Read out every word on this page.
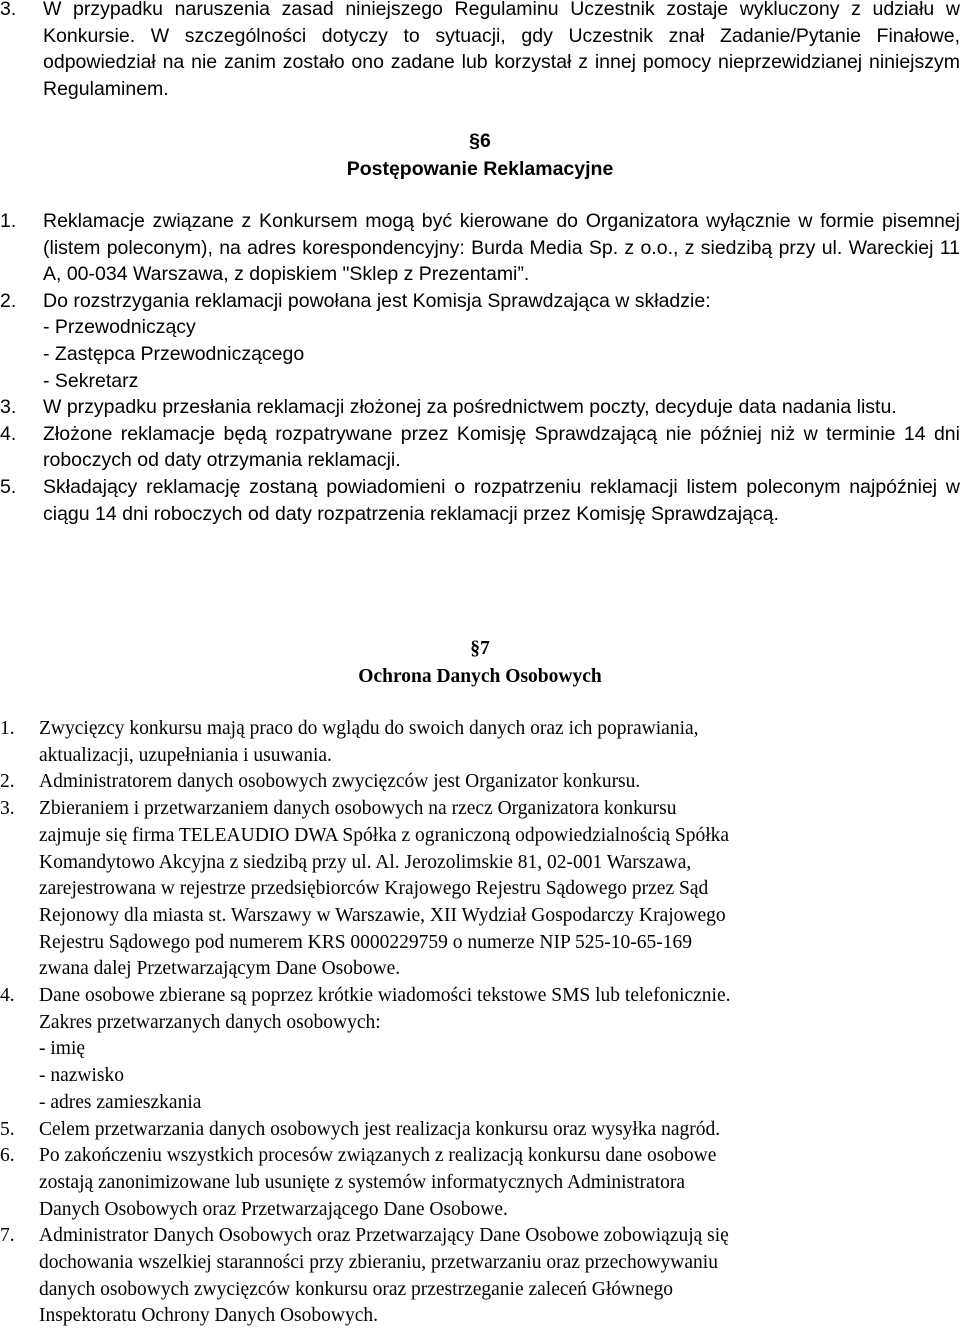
3. W przypadku naruszenia zasad niniejszego Regulaminu Uczestnik zostaje wykluczony z udziału w Konkursie. W szczególności dotyczy to sytuacji, gdy Uczestnik znał Zadanie/Pytanie Finałowe, odpowiedział na nie zanim zostało ono zadane lub korzystał z innej pomocy nieprzewidzianej niniejszym Regulaminem.
§6
Postępowanie Reklamacyjne
1. Reklamacje związane z Konkursem mogą być kierowane do Organizatora wyłącznie w formie pisemnej (listem poleconym), na adres korespondencyjny: Burda Media Sp. z o.o., z siedzibą przy ul. Wareckiej 11 A, 00-034 Warszawa, z dopiskiem "Sklep z Prezentami”.
2. Do rozstrzygania reklamacji powołana jest Komisja Sprawdzająca w składzie:
- Przewodniczący
- Zastępca Przewodniczącego
- Sekretarz
3. W przypadku przesłania reklamacji złożonej za pośrednictwem poczty, decyduje data nadania listu.
4. Złożone reklamacje będą rozpatrywane przez Komisję Sprawdzającą nie później niż w terminie 14 dni roboczych od daty otrzymania reklamacji.
5. Składający reklamację zostaną powiadomieni o rozpatrzeniu reklamacji listem poleconym najpóźniej w ciągu 14 dni roboczych od daty rozpatrzenia reklamacji przez Komisję Sprawdzającą.
§7
Ochrona Danych Osobowych
1. Zwycięzcy konkursu mają praco do wglądu do swoich danych oraz ich poprawiania,
aktualizacji, uzupełniania i usuwania.
2. Administratorem danych osobowych zwycięzców jest Organizator konkursu.
3. Zbieraniem i przetwarzaniem danych osobowych na rzecz Organizatora konkursu
zajmuje się firma TELEAUDIO DWA Spółka z ograniczoną odpowiedzialnością Spółka
Komandytowo Akcyjna z siedzibą przy ul. Al. Jerozolimskie 81, 02-001 Warszawa,
zarejestrowana w rejestrze przedsiębiorców Krajowego Rejestru Sądowego przez Sąd
Rejonowy dla miasta st. Warszawy w Warszawie, XII Wydział Gospodarczy Krajowego
Rejestru Sądowego pod numerem KRS 0000229759 o numerze NIP 525-10-65-169
zwana dalej Przetwarzającym Dane Osobowe.
4. Dane osobowe zbierane są poprzez krótkie wiadomości tekstowe SMS lub telefonicznie.
Zakres przetwarzanych danych osobowych:
- imię
- nazwisko
- adres zamieszkania
5. Celem przetwarzania danych osobowych jest realizacja konkursu oraz wysyłka nagród.
6. Po zakończeniu wszystkich procesów związanych z realizacją konkursu dane osobowe
zostają zanonimizowane lub usunięte z systemów informatycznych Administratora
Danych Osobowych oraz Przetwarzającego Dane Osobowe.
7. Administrator Danych Osobowych oraz Przetwarzający Dane Osobowe zobowiązują się
dochowania wszelkiej staranności przy zbieraniu, przetwarzaniu oraz przechowywaniu
danych osobowych zwycięzców konkursu oraz przestrzeganie zaleceń Głównego
Inspektoratu Ochrony Danych Osobowych.
